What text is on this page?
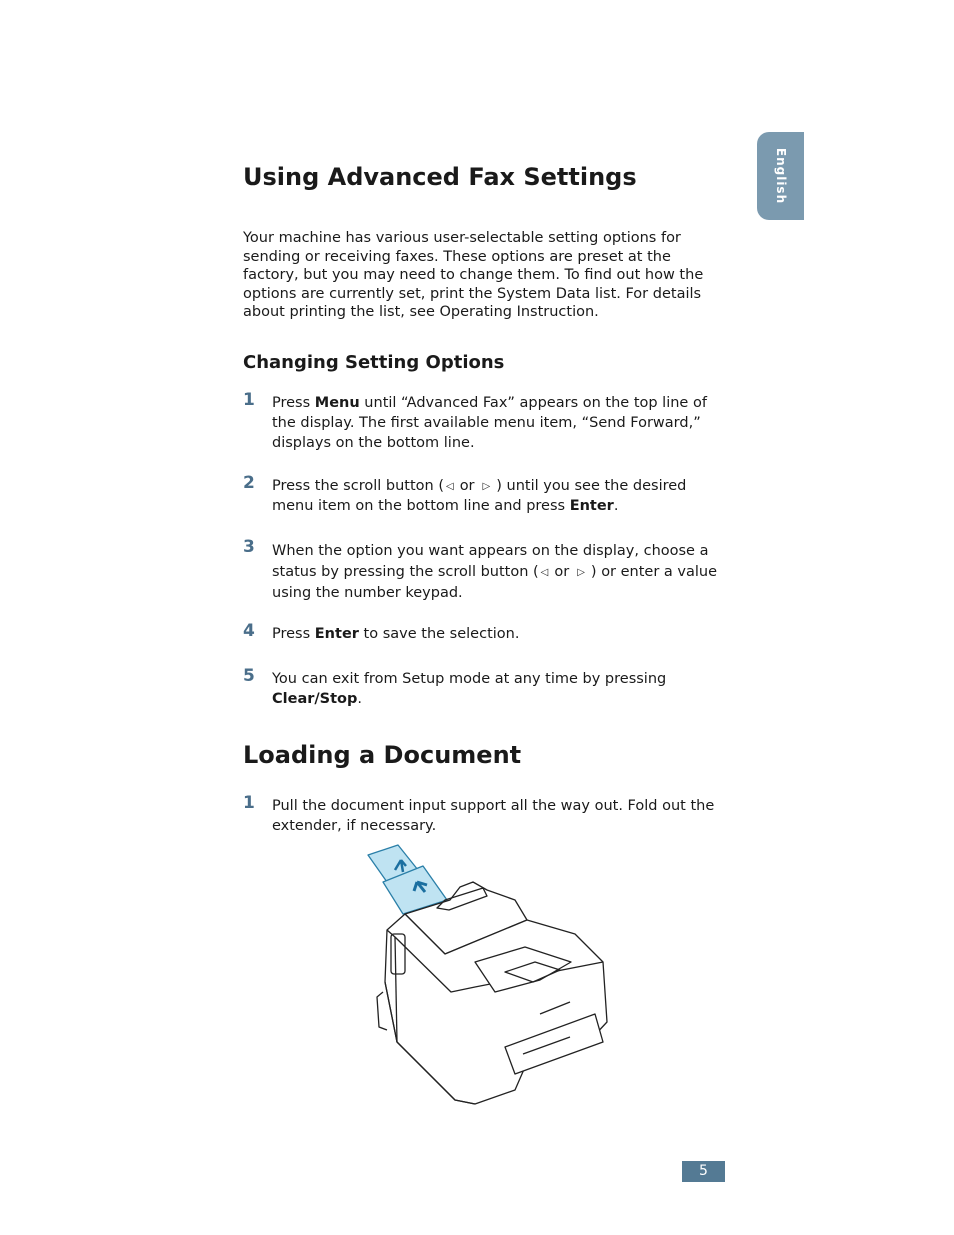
English
Using Advanced Fax Settings

Your machine has various user-selectable setting options for sending or receiving faxes. These options are preset at the factory, but you may need to change them. To find out how the options are currently set, print the System Data list. For details about printing the list, see Operating Instruction.

Changing Setting Options
1	Press Menu until “Advanced Fax” appears on the top line of the display. The first available menu item, “Send Forward,” displays on the bottom line.
2	Press the scroll button ( ◁ or ▷ ) until you see the desired menu item on the bottom line and press Enter.
3	When the option you want appears on the display, choose a status by pressing the scroll button ( ◁ or ▷ ) or enter a value using the number keypad.
4	Press Enter to save the selection.
5	You can exit from Setup mode at any time by pressing Clear/Stop.
Loading a Document
1	Pull the document input support all the way out. Fold out the extender, if necessary.
5
